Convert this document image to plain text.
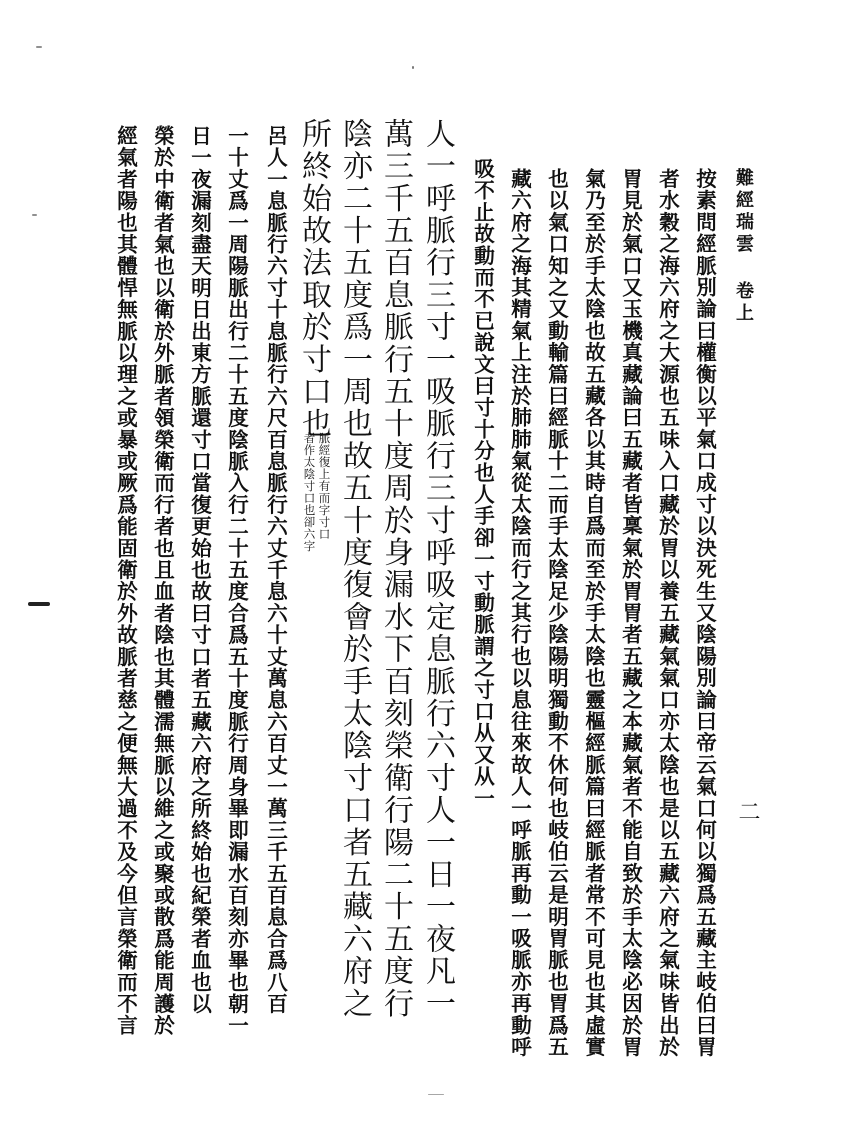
難經瑞雲 卷上
二
按素問經脈別論曰權衡以平氣口成寸以決死生又陰陽別論曰帝云氣口何以獨爲五藏主岐伯曰胃
者水穀之海六府之大源也五味入口藏於胃以養五藏氣氣口亦太陰也是以五藏六府之氣味皆出於
胃見於氣口又玉機真藏論曰五藏者皆稟氣於胃胃者五藏之本藏氣者不能自致於手太陰必因於胃
氣乃至於手太陰也故五藏各以其時自爲而至於手太陰也靈樞經脈篇曰經脈者常不可見也其虛實
也以氣口知之又動輸篇曰經脈十二而手太陰足少陰陽明獨動不休何也岐伯云是明胃脈也胃爲五
藏六府之海其精氣上注於肺肺氣從太陰而行之其行也以息往來故人一呼脈再動一吸脈亦再動呼
吸不止故動而不已說文曰寸十分也人手卻一寸動脈謂之寸口从又从一
人一呼脈行三寸一吸脈行三寸呼吸定息脈行六寸人一日一夜凡一
萬三千五百息脈行五十度周於身漏水下百刻榮衛行陽二十五度行
陰亦二十五度爲一周也故五十度復會於手太陰寸口者五藏六府之
所終始故法取於寸口也
脈經復上有而字寸口
者作太陰寸口也卻六字
呂人一息脈行六寸十息脈行六尺百息脈行六丈千息六十丈萬息六百丈一萬三千五百息合爲八百
一十丈爲一周陽脈出行二十五度陰脈入行二十五度合爲五十度脈行周身畢即漏水百刻亦畢也朝一
日一夜漏刻盡天明日出東方脈還寸口當復更始也故曰寸口者五藏六府之所終始也紀榮者血也以
榮於中衛者氣也以衛於外脈者領榮衛而行者也且血者陰也其體濡無脈以維之或聚或散爲能周護於
經氣者陽也其體悍無脈以理之或暴或厥爲能固衛於外故脈者慈之便無大過不及今但言榮衛而不言
